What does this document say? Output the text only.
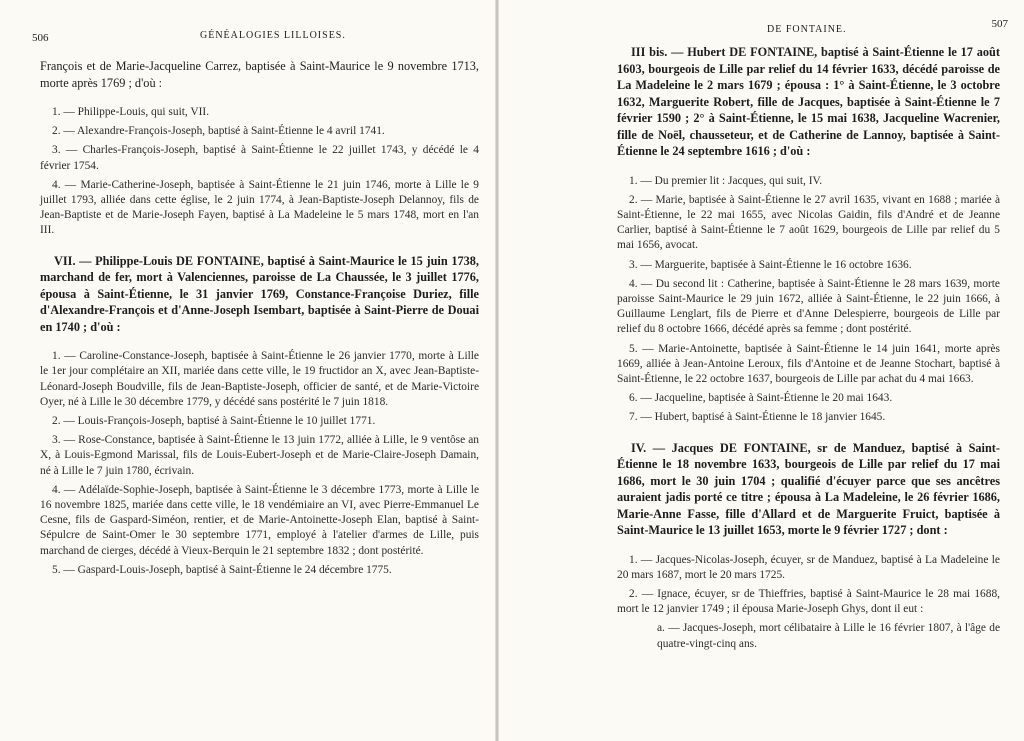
506	GÉNÉALOGIES LILLOISES.

François et de Marie-Jacqueline Carrez, baptisée à Saint-Maurice le 9 novembre 1713, morte après 1769 ; d'où :

1. — Philippe-Louis, qui suit, VII.

2. — Alexandre-François-Joseph, baptisé à Saint-Étienne le 4 avril 1741.

3. — Charles-François-Joseph, baptisé à Saint-Étienne le 22 juillet 1743, y décédé le 4 février 1754.

4. — Marie-Catherine-Joseph, baptisée à Saint-Étienne le 21 juin 1746, morte à Lille le 9 juillet 1793, alliée dans cette église, le 2 juin 1774, à Jean-Baptiste-Joseph Delannoy, fils de Jean-Baptiste et de Marie-Joseph Fayen, baptisé à La Madeleine le 5 mars 1748, mort en l'an III.

VII. — Philippe-Louis DE FONTAINE, baptisé à Saint-Maurice le 15 juin 1738, marchand de fer, mort à Valenciennes, paroisse de La Chaussée, le 3 juillet 1776, épousa à Saint-Étienne, le 31 janvier 1769, Constance-Françoise Duriez, fille d'Alexandre-François et d'Anne-Joseph Isembart, baptisée à Saint-Pierre de Douai en 1740 ; d'où :

1. — Caroline-Constance-Joseph, baptisée à Saint-Étienne le 26 janvier 1770, morte à Lille le 1er jour complétaire an XII, mariée dans cette ville, le 19 fructidor an X, avec Jean-Baptiste-Léonard-Joseph Boudville, fils de Jean-Baptiste-Joseph, officier de santé, et de Marie-Victoire Oyer, né à Lille le 30 décembre 1779, y décédé sans postérité le 7 juin 1818.

2. — Louis-François-Joseph, baptisé à Saint-Étienne le 10 juillet 1771.

3. — Rose-Constance, baptisée à Saint-Étienne le 13 juin 1772, alliée à Lille, le 9 ventôse an X, à Louis-Egmond Marissal, fils de Louis-Eubert-Joseph et de Marie-Claire-Joseph Damain, né à Lille le 7 juin 1780, écrivain.

4. — Adélaïde-Sophie-Joseph, baptisée à Saint-Étienne le 3 décembre 1773, morte à Lille le 16 novembre 1825, mariée dans cette ville, le 18 vendémiaire an VI, avec Pierre-Emmanuel Le Cesne, fils de Gaspard-Siméon, rentier, et de Marie-Antoinette-Joseph Elan, baptisé à Saint-Sépulcre de Saint-Omer le 30 septembre 1771, employé à l'atelier d'armes de Lille, puis marchand de cierges, décédé à Vieux-Berquin le 21 septembre 1832 ; dont postérité.

5. — Gaspard-Louis-Joseph, baptisé à Saint-Étienne le 24 décembre 1775.

DE FONTAINE.	507

III bis. — Hubert DE FONTAINE, baptisé à Saint-Étienne le 17 août 1603, bourgeois de Lille par relief du 14 février 1633, décédé paroisse de La Madeleine le 2 mars 1679 ; épousa : 1° à Saint-Étienne, le 3 octobre 1632, Marguerite Robert, fille de Jacques, baptisée à Saint-Étienne le 7 février 1590 ; 2° à Saint-Étienne, le 15 mai 1638, Jacqueline Wacrenier, fille de Noël, chausseteur, et de Catherine de Lannoy, baptisée à Saint-Étienne le 24 septembre 1616 ; d'où :

1. — Du premier lit : Jacques, qui suit, IV.

2. — Marie, baptisée à Saint-Étienne le 27 avril 1635, vivant en 1688 ; mariée à Saint-Étienne, le 22 mai 1655, avec Nicolas Gaidin, fils d'André et de Jeanne Carlier, baptisé à Saint-Étienne le 7 août 1629, bourgeois de Lille par relief du 5 mai 1656, avocat.

3. — Marguerite, baptisée à Saint-Étienne le 16 octobre 1636.

4. — Du second lit : Catherine, baptisée à Saint-Étienne le 28 mars 1639, morte paroisse Saint-Maurice le 29 juin 1672, alliée à Saint-Étienne, le 22 juin 1666, à Guillaume Lenglart, fils de Pierre et d'Anne Delespierre, bourgeois de Lille par relief du 8 octobre 1666, décédé après sa femme ; dont postérité.

5. — Marie-Antoinette, baptisée à Saint-Étienne le 14 juin 1641, morte après 1669, alliée à Jean-Antoine Leroux, fils d'Antoine et de Jeanne Stochart, baptisé à Saint-Étienne, le 22 octobre 1637, bourgeois de Lille par achat du 4 mai 1663.

6. — Jacqueline, baptisée à Saint-Étienne le 20 mai 1643.

7. — Hubert, baptisé à Saint-Étienne le 18 janvier 1645.

IV. — Jacques DE FONTAINE, sr de Manduez, baptisé à Saint-Étienne le 18 novembre 1633, bourgeois de Lille par relief du 17 mai 1686, mort le 30 juin 1704 ; qualifié d'écuyer parce que ses ancêtres auraient jadis porté ce titre ; épousa à La Madeleine, le 26 février 1686, Marie-Anne Fasse, fille d'Allard et de Marguerite Fruict, baptisée à Saint-Maurice le 13 juillet 1653, morte le 9 février 1727 ; dont :

1. — Jacques-Nicolas-Joseph, écuyer, sr de Manduez, baptisé à La Madeleine le 20 mars 1687, mort le 20 mars 1725.

2. — Ignace, écuyer, sr de Thieffries, baptisé à Saint-Maurice le 28 mai 1688, mort le 12 janvier 1749 ; il épousa Marie-Joseph Ghys, dont il eut :

a. — Jacques-Joseph, mort célibataire à Lille le 16 février 1807, à l'âge de quatre-vingt-cinq ans.
